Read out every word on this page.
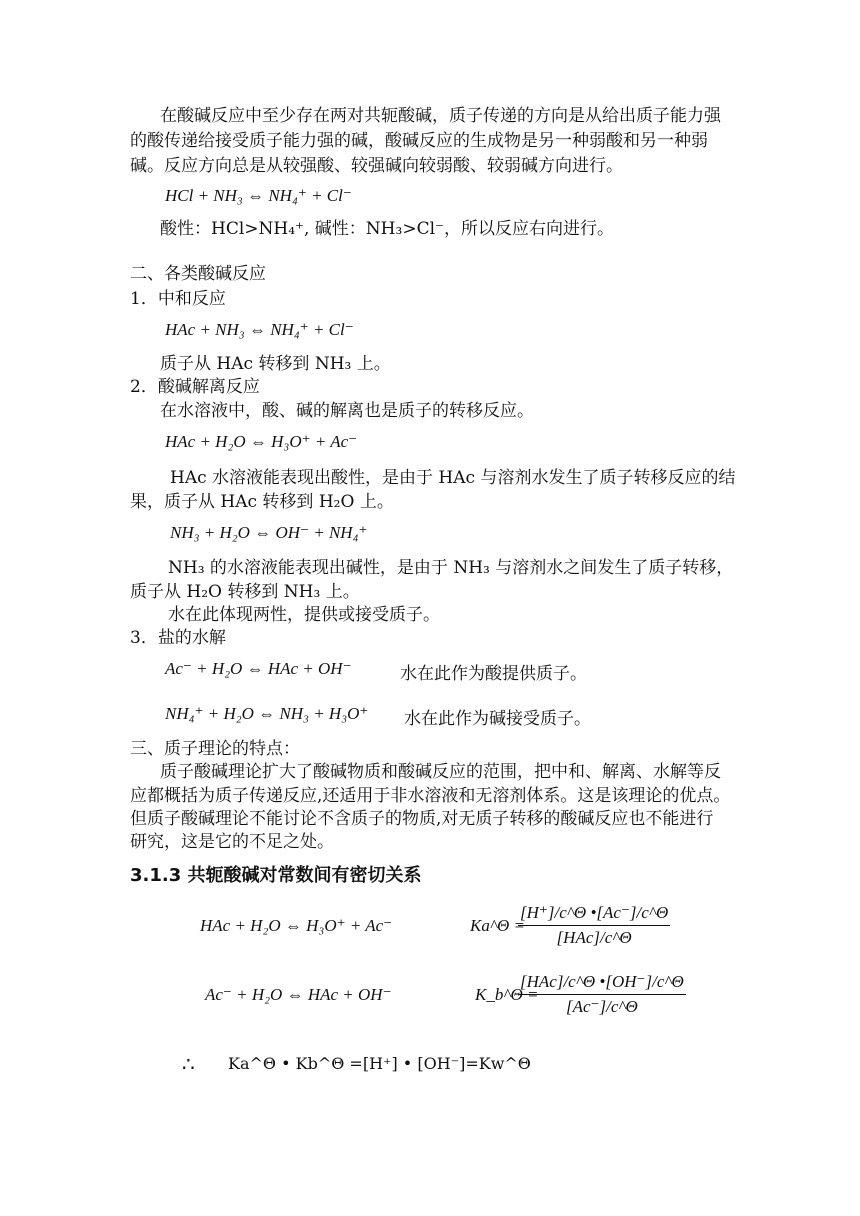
在酸碱反应中至少存在两对共轭酸碱，质子传递的方向是从给出质子能力强
的酸传递给接受质子能力强的碱，酸碱反应的生成物是另一种弱酸和另一种弱
碱。反应方向总是从较强酸、较强碱向较弱酸、较弱碱方向进行。
HCl + NH₃ ⇔ NH₄⁺ + Cl⁻
酸性：HCl>NH₄⁺, 碱性：NH₃>Cl⁻，所以反应右向进行。
二、各类酸碱反应
1．中和反应
HAc + NH₃ ⇔ NH₄⁺ + Cl⁻
质子从 HAc 转移到 NH₃ 上。
2．酸碱解离反应
在水溶液中，酸、碱的解离也是质子的转移反应。
HAc + H₂O ⇔ H₃O⁺ + Ac⁻
HAc 水溶液能表现出酸性，是由于 HAc 与溶剂水发生了质子转移反应的结
果，质子从 HAc 转移到 H₂O 上。
NH₃ + H₂O ⇔ OH⁻ + NH₄⁺
NH₃ 的水溶液能表现出碱性，是由于 NH₃ 与溶剂水之间发生了质子转移，
质子从 H₂O 转移到 NH₃ 上。
水在此体现两性，提供或接受质子。
3．盐的水解
Ac⁻ + H₂O ⇔ HAc + OH⁻	水在此作为酸提供质子。
NH₄⁺ + H₂O ⇔ NH₃ + H₃O⁺ 水在此作为碱接受质子。
三、质子理论的特点：
质子酸碱理论扩大了酸碱物质和酸碱反应的范围，把中和、解离、水解等反
应都概括为质子传递反应,还适用于非水溶液和无溶剂体系。这是该理论的优点。
但质子酸碱理论不能讨论不含质子的物质,对无质子转移的酸碱反应也不能进行
研究，这是它的不足之处。
3.1.3 共轭酸碱对常数间有密切关系
HAc + H₂O ⇔ H₃O⁺ + Ac⁻	Ka^Θ =
[H⁺]/c^Θ •[Ac⁻]/c^Θ
[HAc]/c^Θ
Ac⁻ + H₂O ⇔ HAc + OH⁻	K_b^Θ =
[HAc]/c^Θ •[OH⁻]/c^Θ
[Ac⁻]/c^Θ
∴ Ka^Θ • Kb^Θ =[H⁺] • [OH⁻]=Kw^Θ
